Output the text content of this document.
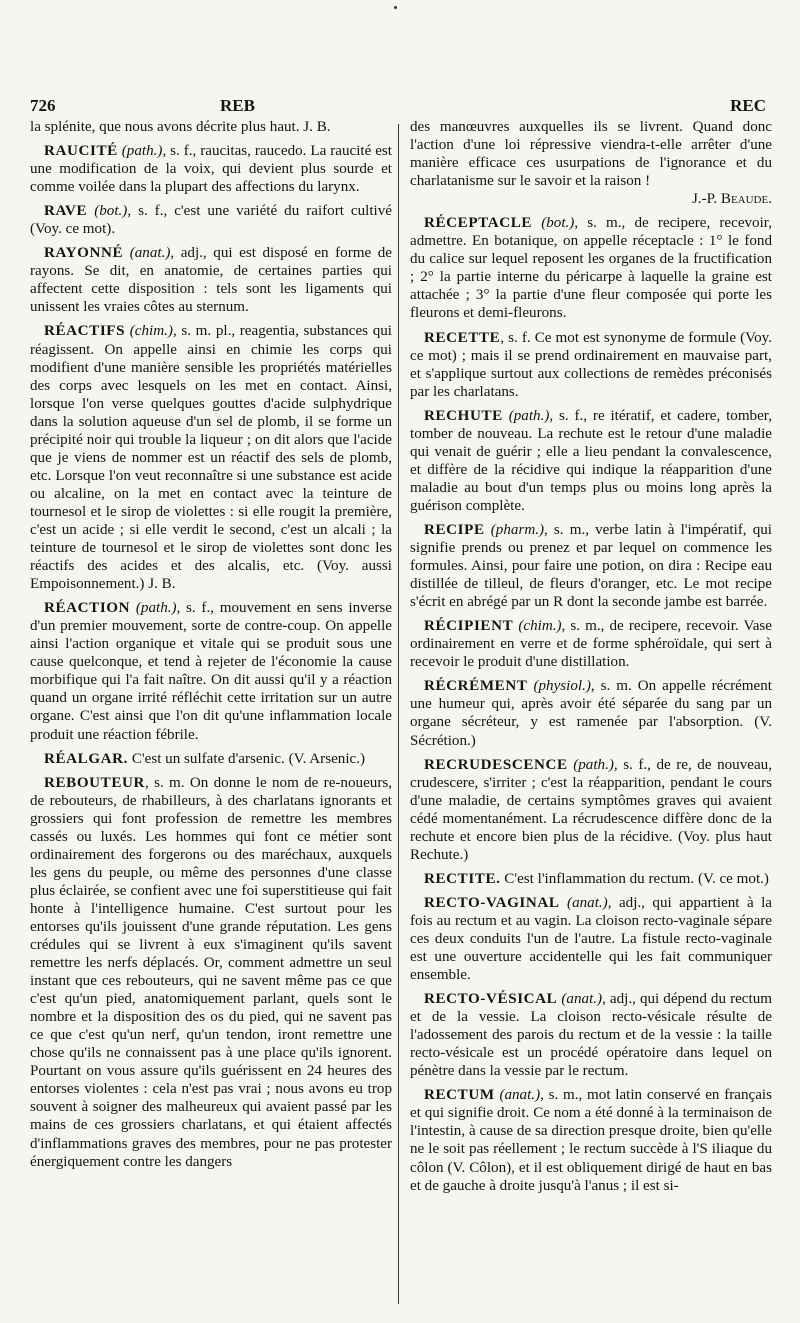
726	REB	REC

la splénite, que nous avons décrite plus haut. J. B.

RAUCITÉ (path.), s. f., raucitas, raucedo. La raucité est une modification de la voix, qui devient plus sourde et comme voilée dans la plupart des affections du larynx.

RAVE (bot.), s. f., c'est une variété du raifort cultivé (Voy. ce mot).

RAYONNÉ (anat.), adj., qui est disposé en forme de rayons. Se dit, en anatomie, de certaines parties qui affectent cette disposition : tels sont les ligaments qui unissent les vraies côtes au sternum.

RÉACTIFS (chim.), s. m. pl., reagentia, substances qui réagissent. On appelle ainsi en chimie les corps qui modifient d'une manière sensible les propriétés matérielles des corps avec lesquels on les met en contact. Ainsi, lorsque l'on verse quelques gouttes d'acide sulphydrique dans la solution aqueuse d'un sel de plomb, il se forme un précipité noir qui trouble la liqueur ; on dit alors que l'acide que je viens de nommer est un réactif des sels de plomb, etc. Lorsque l'on veut reconnaître si une substance est acide ou alcaline, on la met en contact avec la teinture de tournesol et le sirop de violettes : si elle rougit la première, c'est un acide ; si elle verdit le second, c'est un alcali ; la teinture de tournesol et le sirop de violettes sont donc les réactifs des acides et des alcalis, etc. (Voy. aussi Empoisonnement.) J. B.

RÉACTION (path.), s. f., mouvement en sens inverse d'un premier mouvement, sorte de contre-coup. On appelle ainsi l'action organique et vitale qui se produit sous une cause quelconque, et tend à rejeter de l'économie la cause morbifique qui l'a fait naître. On dit aussi qu'il y a réaction quand un organe irrité réfléchit cette irritation sur un autre organe. C'est ainsi que l'on dit qu'une inflammation locale produit une réaction fébrile.

RÉALGAR. C'est un sulfate d'arsenic. (V. Arsenic.)

REBOUTEUR, s. m. On donne le nom de re-noueurs, de rebouteurs, de rhabilleurs, à des charlatans ignorants et grossiers qui font profession de remettre les membres cassés ou luxés. Les hommes qui font ce métier sont ordinairement des forgerons ou des maréchaux, auxquels les gens du peuple, ou même des personnes d'une classe plus éclairée, se confient avec une foi superstitieuse qui fait honte à l'intelligence humaine. C'est surtout pour les entorses qu'ils jouissent d'une grande réputation. Les gens crédules qui se livrent à eux s'imaginent qu'ils savent remettre les nerfs déplacés. Or, comment admettre un seul instant que ces rebouteurs, qui ne savent même pas ce que c'est qu'un pied, anatomiquement parlant, quels sont le nombre et la disposition des os du pied, qui ne savent pas ce que c'est qu'un nerf, qu'un tendon, iront remettre une chose qu'ils ne connaissent pas à une place qu'ils ignorent. Pourtant on vous assure qu'ils guérissent en 24 heures des entorses violentes : cela n'est pas vrai ; nous avons eu trop souvent à soigner des malheureux qui avaient passé par les mains de ces grossiers charlatans, et qui étaient affectés d'inflammations graves des membres, pour ne pas protester énergiquement contre les dangers

des manœuvres auxquelles ils se livrent. Quand donc l'action d'une loi répressive viendra-t-elle arrêter d'une manière efficace ces usurpations de l'ignorance et du charlatanisme sur le savoir et la raison !
J.-P. Beaude.

RÉCEPTACLE (bot.), s. m., de recipere, recevoir, admettre. En botanique, on appelle réceptacle : 1° le fond du calice sur lequel reposent les organes de la fructification ; 2° la partie interne du péricarpe à laquelle la graine est attachée ; 3° la partie d'une fleur composée qui porte les fleurons et demi-fleurons.

RECETTE, s. f. Ce mot est synonyme de formule (Voy. ce mot) ; mais il se prend ordinairement en mauvaise part, et s'applique surtout aux collections de remèdes préconisés par les charlatans.

RECHUTE (path.), s. f., re itératif, et cadere, tomber, tomber de nouveau. La rechute est le retour d'une maladie qui venait de guérir ; elle a lieu pendant la convalescence, et diffère de la récidive qui indique la réapparition d'une maladie au bout d'un temps plus ou moins long après la guérison complète.

RECIPE (pharm.), s. m., verbe latin à l'impératif, qui signifie prends ou prenez et par lequel on commence les formules. Ainsi, pour faire une potion, on dira : Recipe eau distillée de tilleul, de fleurs d'oranger, etc. Le mot recipe s'écrit en abrégé par un R dont la seconde jambe est barrée.

RÉCIPIENT (chim.), s. m., de recipere, recevoir. Vase ordinairement en verre et de forme sphéroïdale, qui sert à recevoir le produit d'une distillation.

RÉCRÉMENT (physiol.), s. m. On appelle récrément une humeur qui, après avoir été séparée du sang par un organe sécréteur, y est ramenée par l'absorption. (V. Sécrétion.)

RECRUDESCENCE (path.), s. f., de re, de nouveau, crudescere, s'irriter ; c'est la réapparition, pendant le cours d'une maladie, de certains symptômes graves qui avaient cédé momentanément. La récrudescence diffère donc de la rechute et encore bien plus de la récidive. (Voy. plus haut Rechute.)

RECTITE. C'est l'inflammation du rectum. (V. ce mot.)

RECTO-VAGINAL (anat.), adj., qui appartient à la fois au rectum et au vagin. La cloison recto-vaginale sépare ces deux conduits l'un de l'autre. La fistule recto-vaginale est une ouverture accidentelle qui les fait communiquer ensemble.

RECTO-VÉSICAL (anat.), adj., qui dépend du rectum et de la vessie. La cloison recto-vésicale résulte de l'adossement des parois du rectum et de la vessie : la taille recto-vésicale est un procédé opératoire dans lequel on pénètre dans la vessie par le rectum.

RECTUM (anat.), s. m., mot latin conservé en français et qui signifie droit. Ce nom a été donné à la terminaison de l'intestin, à cause de sa direction presque droite, bien qu'elle ne le soit pas réellement ; le rectum succède à l'S iliaque du côlon (V. Côlon), et il est obliquement dirigé de haut en bas et de gauche à droite jusqu'à l'anus ; il est si-
